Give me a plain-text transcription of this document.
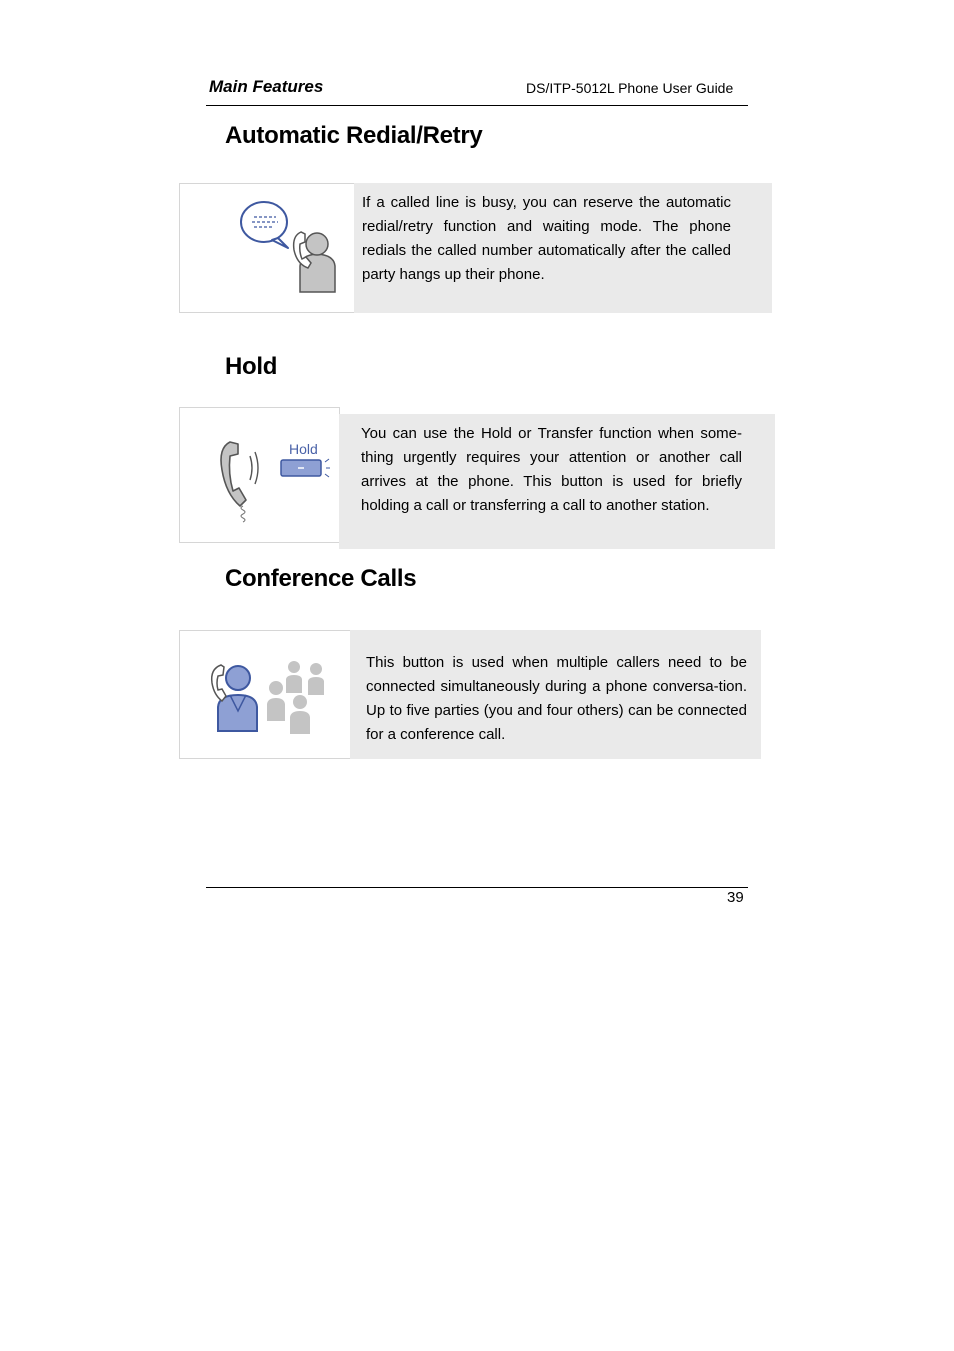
Main Features	DS/ITP-5012L Phone User Guide
Automatic Redial/Retry

If a called line is busy, you can reserve the automatic redial/retry function and waiting mode. The phone redials the called number automatically after the called party hangs up their phone.

Hold
Hold

You can use the Hold or Transfer function when some-thing urgently requires your attention or another call arrives at the phone. This button is used for briefly holding a call or transferring a call to another station.

Conference Calls

This button is used when multiple callers need to be connected simultaneously during a phone conversa-tion. Up to five parties (you and four others) can be connected for a conference call.

39
